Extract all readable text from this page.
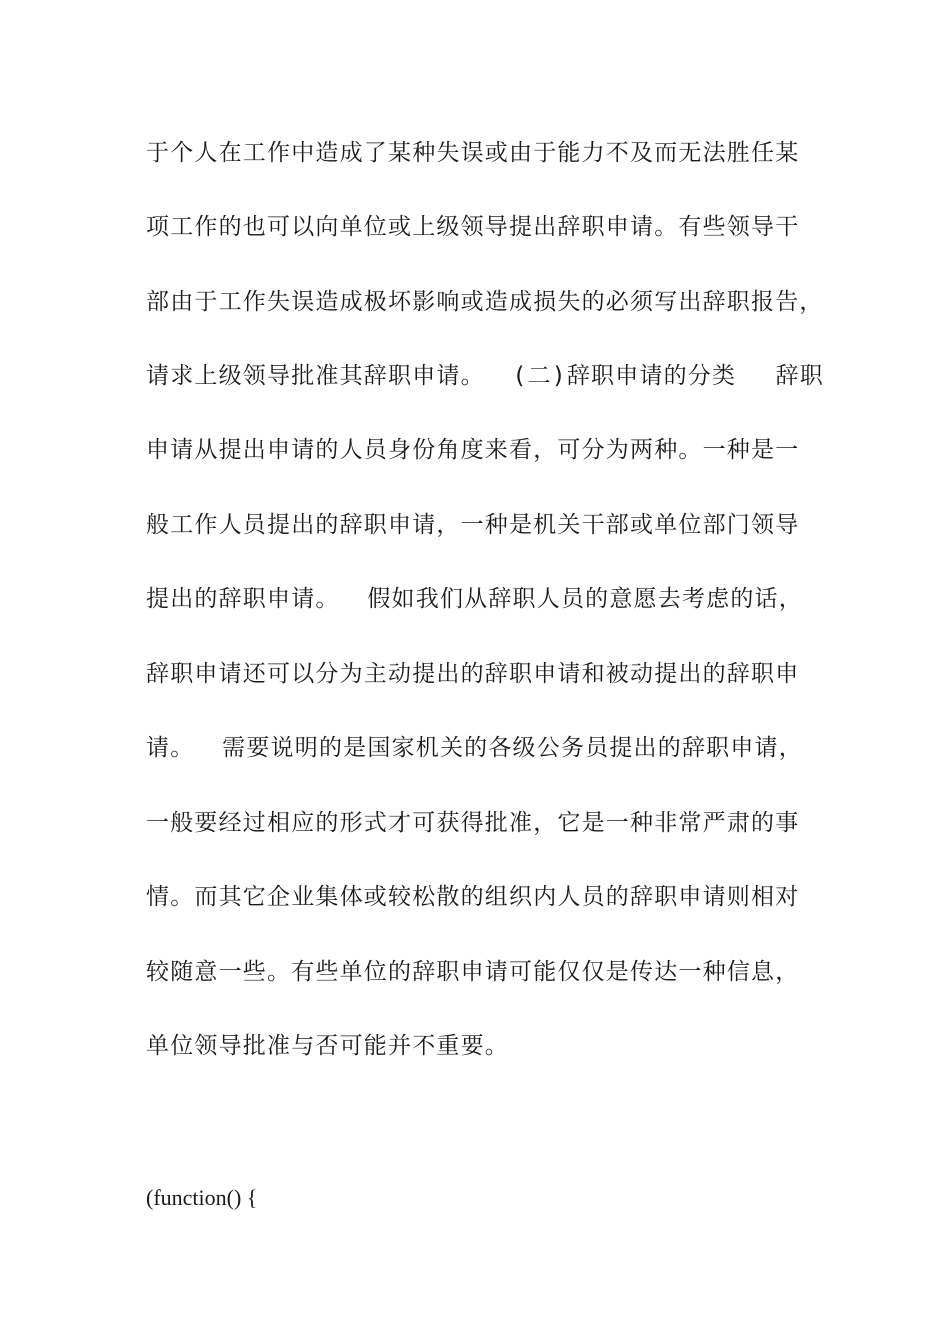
于个人在工作中造成了某种失误或由于能力不及而无法胜任某
项工作的也可以向单位或上级领导提出辞职申请。有些领导干
部由于工作失误造成极坏影响或造成损失的必须写出辞职报告，
请求上级领导批准其辞职申请。　 (二)辞职申请的分类　 辞职
申请从提出申请的人员身份角度来看，可分为两种。一种是一
般工作人员提出的辞职申请，一种是机关干部或单位部门领导
提出的辞职申请。　 假如我们从辞职人员的意愿去考虑的话，
辞职申请还可以分为主动提出的辞职申请和被动提出的辞职申
请。　 需要说明的是国家机关的各级公务员提出的辞职申请，
一般要经过相应的形式才可获得批准，它是一种非常严肃的事
情。而其它企业集体或较松散的组织内人员的辞职申请则相对
较随意一些。有些单位的辞职申请可能仅仅是传达一种信息，
单位领导批准与否可能并不重要。
(function() {
